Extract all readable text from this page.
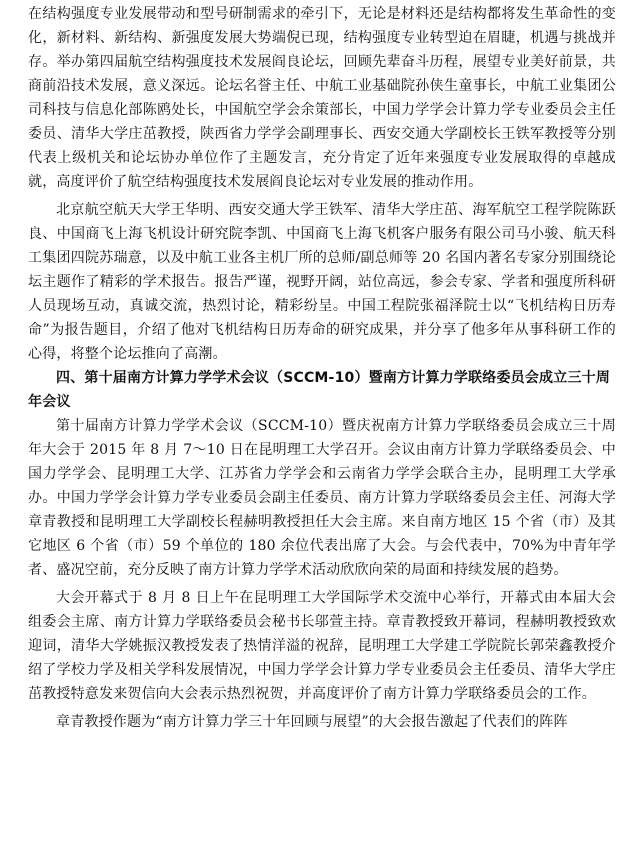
在结构强度专业发展带动和型号研制需求的牵引下，无论是材料还是结构都将发生革命性的变化，新材料、新结构、新强度发展大势端倪已现，结构强度专业转型迫在眉睫，机遇与挑战并存。举办第四届航空结构强度技术发展阎良论坛，回顾先辈奋斗历程，展望专业美好前景，共商前沿技术发展，意义深远。论坛名誉主任、中航工业基础院孙侠生童事长，中航工业集团公司科技与信息化部陈鸥处长，中国航空学会余策部长，中国力学学会计算力学专业委员会主任委员、清华大学庄茁教授，陕西省力学学会副理事长、西安交通大学副校长王铁军教授等分别代表上级机关和论坛协办单位作了主题发言，充分肯定了近年来强度专业发展取得的卓越成就，高度评价了航空结构强度技术发展阎良论坛对专业发展的推动作用。

北京航空航天大学王华明、西安交通大学王铁军、清华大学庄茁、海军航空工程学院陈跃良、中国商飞上海飞机设计研究院李凯、中国商飞上海飞机客户服务有限公司马小骏、航天科工集团四院苏瑞意，以及中航工业各主机厂所的总师/副总师等 20 名国内著名专家分别围绕论坛主题作了精彩的学术报告。报告严谨，视野开阔，站位高远，参会专家、学者和强度所科研人员现场互动，真诚交流，热烈讨论，精彩纷呈。中国工程院张福泽院士以“飞机结构日历寿命”为报告题目，介绍了他对飞机结构日历寿命的研究成果，并分享了他多年从事科研工作的心得，将整个论坛推向了高潮。

四、第十届南方计算力学学术会议（SCCM-10）暨南方计算力学联络委员会成立三十周年会议

第十届南方计算力学学术会议（SCCM-10）暨庆祝南方计算力学联络委员会成立三十周年大会于 2015 年 8 月 7～10 日在昆明理工大学召开。会议由南方计算力学联络委员会、中国力学学会、昆明理工大学、江苏省力学学会和云南省力学学会联合主办，昆明理工大学承办。中国力学学会计算力学专业委员会副主任委员、南方计算力学联络委员会主任、河海大学章青教授和昆明理工大学副校长程赫明教授担任大会主席。来自南方地区 15 个省（市）及其它地区 6 个省（市）59 个单位的 180 余位代表出席了大会。与会代表中，70%为中青年学者、盛况空前，充分反映了南方计算力学学术活动欣欣向荣的局面和持续发展的趋势。

大会开幕式于 8 月 8 日上午在昆明理工大学国际学术交流中心举行，开幕式由本届大会组委会主席、南方计算力学联络委员会秘书长邬萱主持。章青教授致开幕词，程赫明教授致欢迎词，清华大学姚振汉教授发表了热情洋溢的祝辞，昆明理工大学建工学院院长郭荣鑫教授介绍了学校力学及相关学科发展情况，中国力学学会计算力学专业委员会主任委员、清华大学庄茁教授特意发来贺信向大会表示热烈祝贺，并高度评价了南方计算力学联络委员会的工作。

章青教授作题为“南方计算力学三十年回顾与展望”的大会报告激起了代表们的阵阵
